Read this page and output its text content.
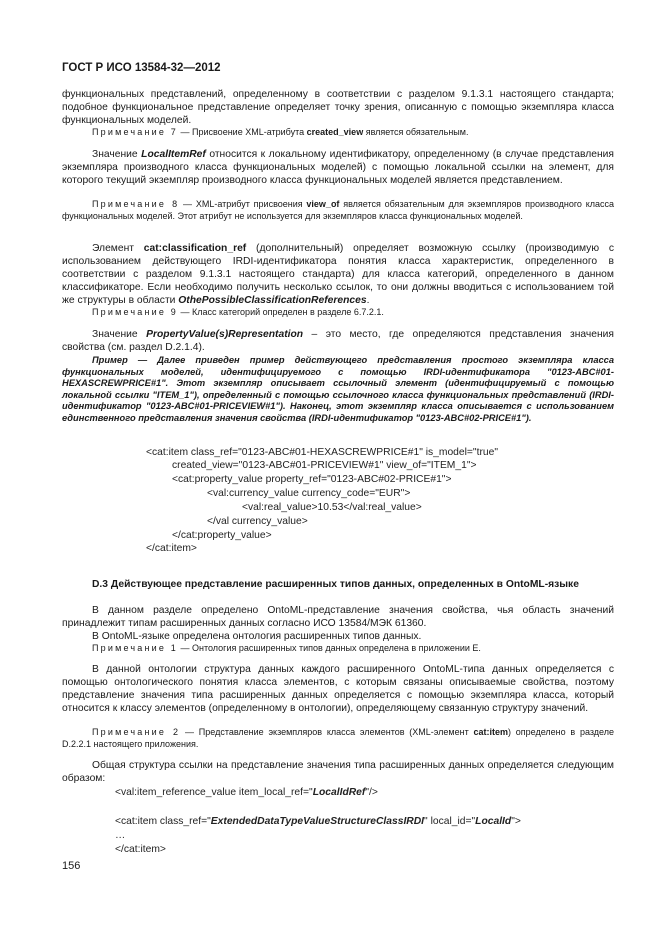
ГОСТ Р ИСО 13584-32—2012
функциональных представлений, определенному в соответствии с разделом 9.1.3.1 настоящего стандарта; подобное функциональное представление определяет точку зрения, описанную с помощью экземпляра класса функциональных моделей.
Примечание 7 — Присвоение XML-атрибута created_view является обязательным.
Значение LocalItemRef относится к локальному идентификатору, определенному (в случае представления экземпляра производного класса функциональных моделей) с помощью локальной ссылки на элемент, для которого текущий экземпляр производного класса функциональных моделей является представлением.
Примечание 8 — XML-атрибут присвоения view_of является обязательным для экземпляров производного класса функциональных моделей. Этот атрибут не используется для экземпляров класса функциональных моделей.
Элемент cat:classification_ref (дополнительный) определяет возможную ссылку (производимую с использованием действующего IRDI-идентификатора понятия класса характеристик, определенного в соответствии с разделом 9.1.3.1 настоящего стандарта) для класса категорий, определенного в данном классификаторе. Если необходимо получить несколько ссылок, то они должны вводиться с использованием той же структуры в области OthePossibleClassificationReferences.
Примечание 9 — Класс категорий определен в разделе 6.7.2.1.
Значение PropertyValue(s)Representation – это место, где определяются представления значения свойства (см. раздел D.2.1.4).
Пример — Далее приведен пример действующего представления простого экземпляра класса функциональных моделей, идентифицируемого с помощью IRDI-идентификатора "0123-ABC#01-HEXASCREWPRICE#1". Этот экземпляр описывает ссылочный элемент (идентифицируемый с помощью локальной ссылки "ITEM_1"), определенный с помощью ссылочного класса функциональных представлений (IRDI-идентификатор "0123-ABC#01-PRICEVIEW#1"). Наконец, этот экземпляр класса описывается с использованием единственного представления значения свойства (IRDI-идентификатор "0123-ABC#02-PRICE#1").
<cat:item class_ref="0123-ABC#01-HEXASCREWPRICE#1" is_model="true"
created_view="0123-ABC#01-PRICEVIEW#1" view_of="ITEM_1">
<cat:property_value property_ref="0123-ABC#02-PRICE#1">
<val:currency_value currency_code="EUR">
<val:real_value>10.53</val:real_value>
</val currency_value>
</cat:property_value>
</cat:item>
D.3 Действующее представление расширенных типов данных, определенных в OntoML-языке
В данном разделе определено OntoML-представление значения свойства, чья область значений принадлежит типам расширенных данных согласно ИСО 13584/МЭК 61360.
В OntoML-языке определена онтология расширенных типов данных.
Примечание 1 — Онтология расширенных типов данных определена в приложении Е.
В данной онтологии структура данных каждого расширенного OntoML-типа данных определяется с помощью онтологического понятия класса элементов, с которым связаны описываемые свойства, поэтому представление значения типа расширенных данных определяется с помощью экземпляра класса, который относится к классу элементов (определенному в онтологии), определяющему связанную структуру значений.
Примечание 2 — Представление экземпляров класса элементов (XML-элемент cat:item) определено в разделе D.2.2.1 настоящего приложения.
Общая структура ссылки на представление значения типа расширенных данных определяется следующим образом:
<val:item_reference_value item_local_ref="LocalIdRef"/>
<cat:item class_ref="ExtendedDataTypeValueStructureClassIRDI" local_id="LocalId">
…
</cat:item>
156
